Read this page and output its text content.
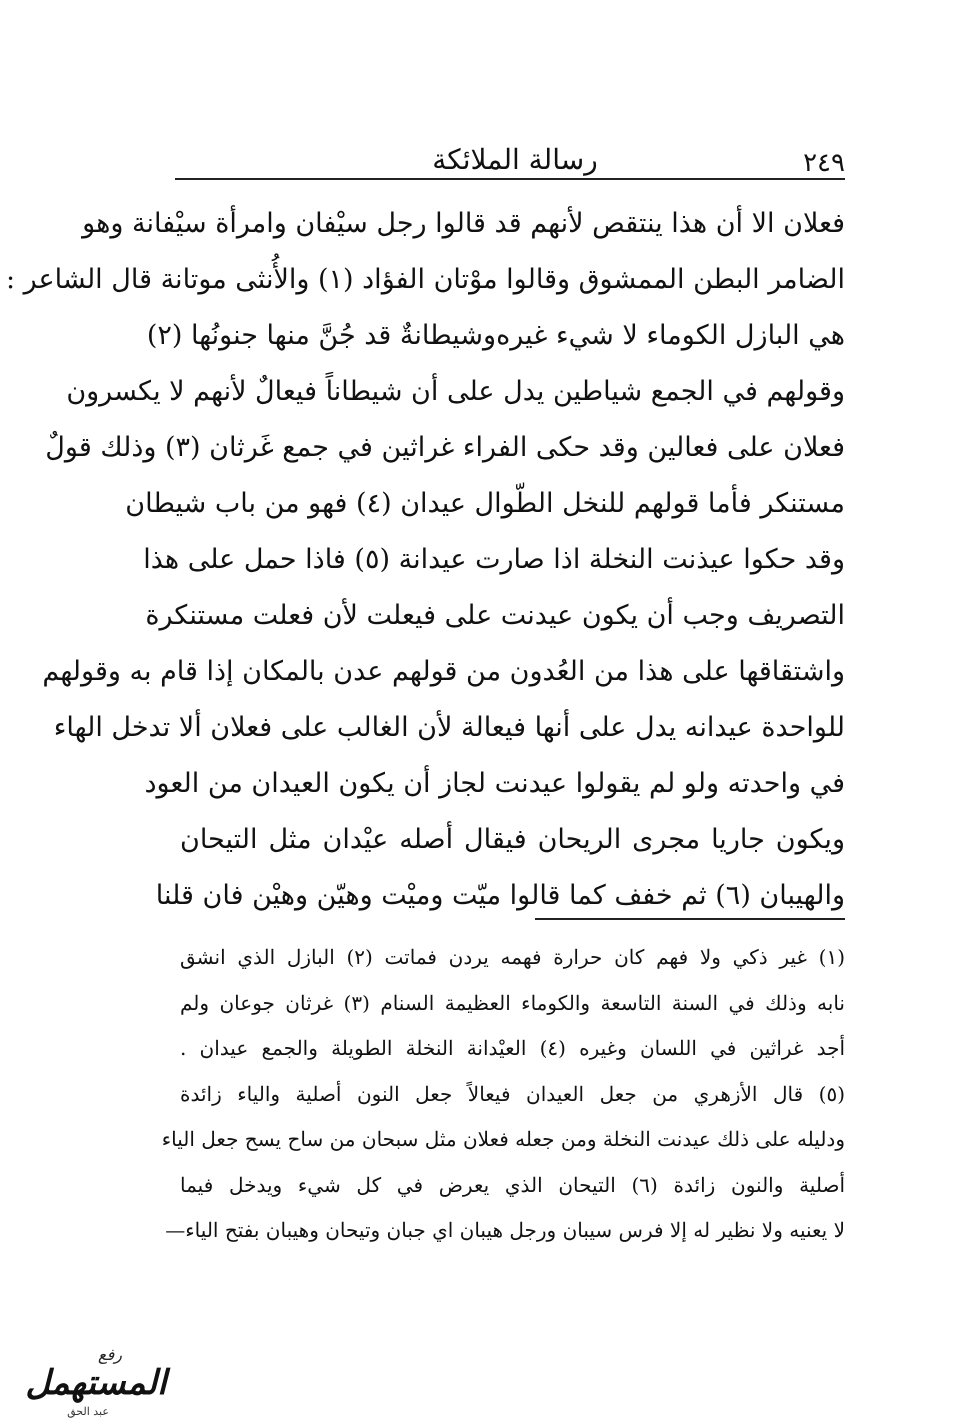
رسالة الملائكة	٢٤٩
فعلان الا أن هذا ينتقص لأنهم قد قالوا رجل سيْفان وامرأة سيْفانة وهو
الضامر البطن الممشوق وقالوا موْتان الفؤاد (١) والأُنثى موتانة قال الشاعر :
هي البازل الكوماء لا شيء غيره
وشيطانةٌ قد جُنَّ منها جنونُها (٢)
وقولهم في الجمع شياطين يدل على أن شيطاناً فيعالٌ لأنهم لا يكسرون
فعلان على فعالين وقد حكى الفراء غراثين في جمع غَرثان (٣) وذلك قولٌ
مستنكر فأما قولهم للنخل الطّوال عيدان (٤) فهو من باب شيطان
وقد حكوا عيذنت النخلة اذا صارت عيدانة (٥) فاذا حمل على هذا
التصريف وجب أن يكون عيدنت على فيعلت لأن فعلت مستنكرة
واشتقاقها على هذا من العُدون من قولهم عدن بالمكان إذا قام به وقولهم
للواحدة عيدانه يدل على أنها فيعالة لأن الغالب على فعلان ألا تدخل الهاء
في واحدته ولو لم يقولوا عيدنت لجاز أن يكون العيدان من العود
ويكون جاريا مجرى الريحان فيقال أصله عيْدان مثل التيحان
والهيبان (٦) ثم خفف كما قالوا ميّت وميْت وهيّن وهيْن فان قلنا
(١) غير ذكي ولا فهم كان حرارة فهمه يردن فماتت (٢) البازل الذي انشق
نابه وذلك في السنة التاسعة والكوماء العظيمة السنام (٣) غرثان جوعان ولم
أجد غراثين في اللسان وغيره (٤) العيْدانة النخلة الطويلة والجمع عيدان .
(٥) قال الأزهري من جعل العيدان فيعالاً جعل النون أصلية والياء زائدة
ودليله على ذلك عيدنت النخلة ومن جعله فعلان مثل سبحان من ساح يسح جعل الياء
أصلية والنون زائدة (٦) التيحان الذي يعرض في كل شيء ويدخل فيما
لا يعنيه ولا نظير له إلا فرس سيبان ورجل هيبان اي جبان وتيحان وهيبان بفتح الياء—
رفع
المستهمل
عبد الحق
